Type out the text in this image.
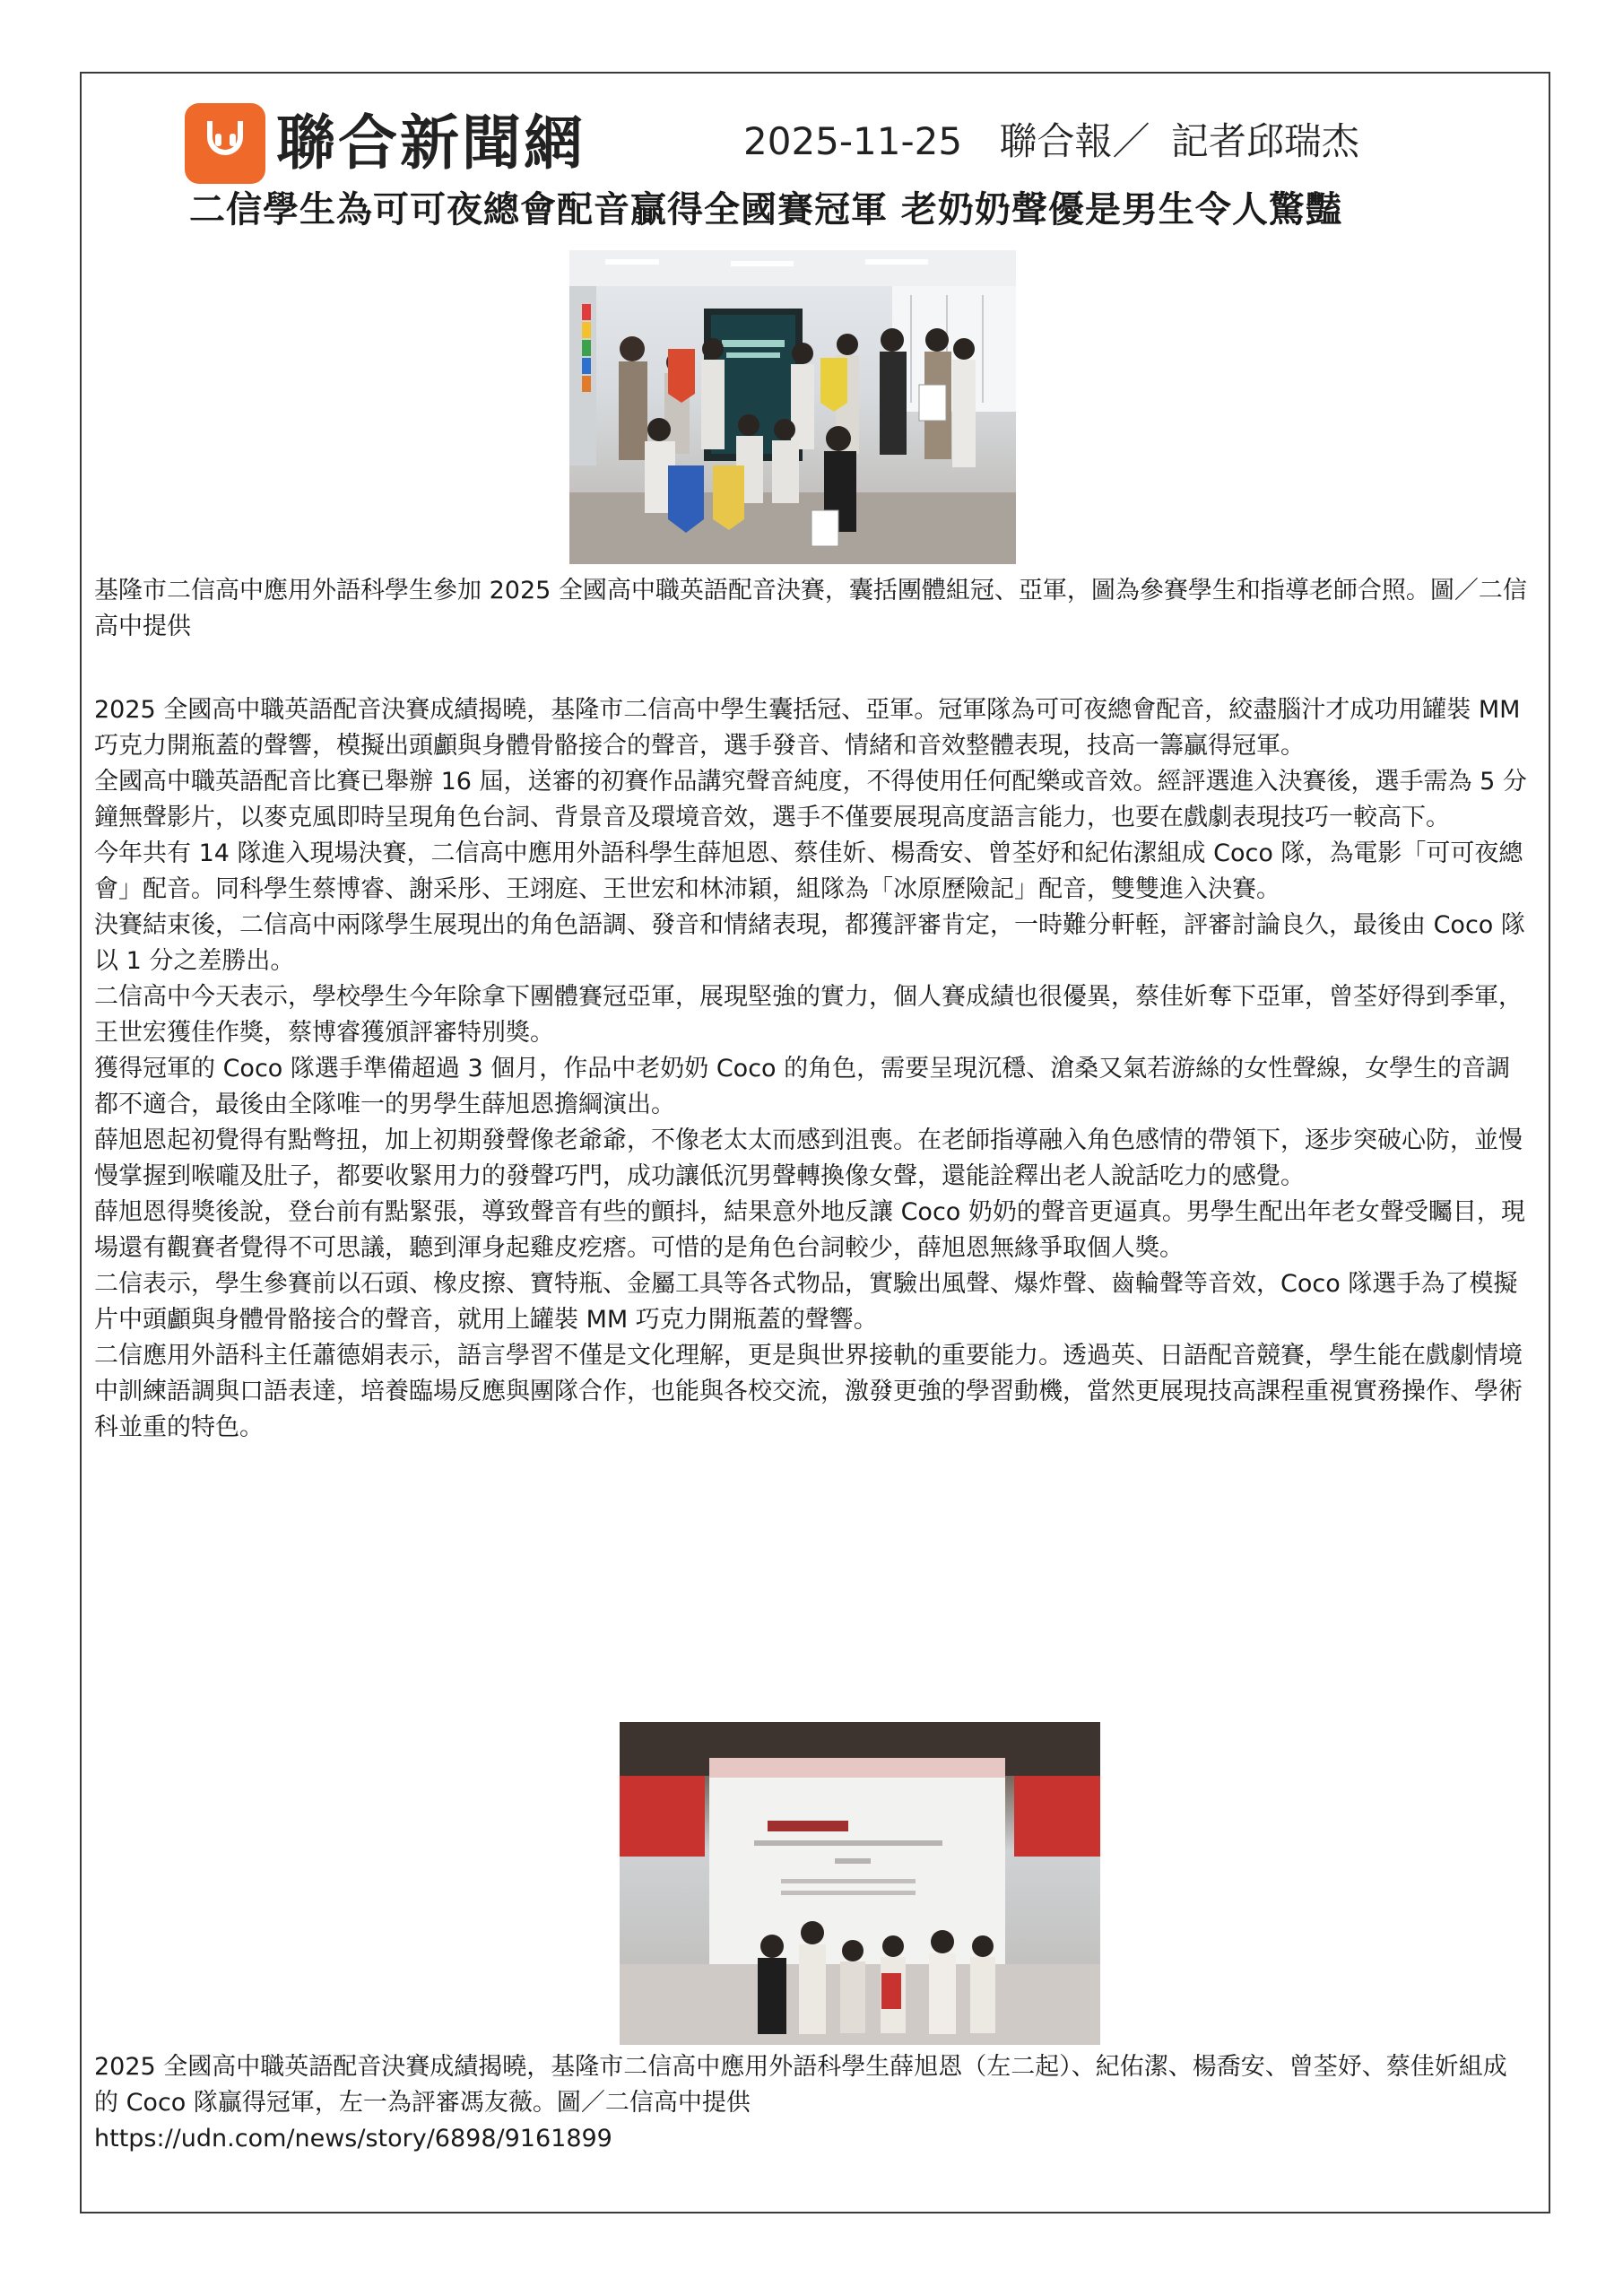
聯合新聞網	2025-11-25 聯合報／ 記者邱瑞杰
二信學生為可可夜總會配音贏得全國賽冠軍 老奶奶聲優是男生令人驚豔
基隆市二信高中應用外語科學生參加 2025 全國高中職英語配音決賽，囊括團體組冠、亞軍，圖為參賽學生和指導老師合照。圖／二信高中提供

2025 全國高中職英語配音決賽成績揭曉，基隆市二信高中學生囊括冠、亞軍。冠軍隊為可可夜總會配音，絞盡腦汁才成功用罐裝 MM 巧克力開瓶蓋的聲響，模擬出頭顱與身體骨骼接合的聲音，選手發音、情緒和音效整體表現，技高一籌贏得冠軍。

全國高中職英語配音比賽已舉辦 16 屆，送審的初賽作品講究聲音純度，不得使用任何配樂或音效。經評選進入決賽後，選手需為 5 分鐘無聲影片，以麥克風即時呈現角色台詞、背景音及環境音效，選手不僅要展現高度語言能力，也要在戲劇表現技巧一較高下。

今年共有 14 隊進入現場決賽，二信高中應用外語科學生薛旭恩、蔡佳妡、楊喬安、曾荃妤和紀佑潔組成 Coco 隊，為電影「可可夜總會」配音。同科學生蔡博睿、謝采彤、王翊庭、王世宏和林沛穎，組隊為「冰原歷險記」配音，雙雙進入決賽。

決賽結束後，二信高中兩隊學生展現出的角色語調、發音和情緒表現，都獲評審肯定，一時難分軒輊，評審討論良久，最後由 Coco 隊以 1 分之差勝出。

二信高中今天表示，學校學生今年除拿下團體賽冠亞軍，展現堅強的實力，個人賽成績也很優異，蔡佳妡奪下亞軍，曾荃妤得到季軍，王世宏獲佳作獎，蔡博睿獲頒評審特別獎。

獲得冠軍的 Coco 隊選手準備超過 3 個月，作品中老奶奶 Coco 的角色，需要呈現沉穩、滄桑又氣若游絲的女性聲線，女學生的音調都不適合，最後由全隊唯一的男學生薛旭恩擔綱演出。

薛旭恩起初覺得有點彆扭，加上初期發聲像老爺爺，不像老太太而感到沮喪。在老師指導融入角色感情的帶領下，逐步突破心防，並慢慢掌握到喉嚨及肚子，都要收緊用力的發聲巧門，成功讓低沉男聲轉換像女聲，還能詮釋出老人說話吃力的感覺。

薛旭恩得獎後說，登台前有點緊張，導致聲音有些的顫抖，結果意外地反讓 Coco 奶奶的聲音更逼真。男學生配出年老女聲受矚目，現場還有觀賽者覺得不可思議，聽到渾身起雞皮疙瘩。可惜的是角色台詞較少，薛旭恩無緣爭取個人獎。

二信表示，學生參賽前以石頭、橡皮擦、寶特瓶、金屬工具等各式物品，實驗出風聲、爆炸聲、齒輪聲等音效，Coco 隊選手為了模擬片中頭顱與身體骨骼接合的聲音，就用上罐裝 MM 巧克力開瓶蓋的聲響。

二信應用外語科主任蕭德娟表示，語言學習不僅是文化理解，更是與世界接軌的重要能力。透過英、日語配音競賽，學生能在戲劇情境中訓練語調與口語表達，培養臨場反應與團隊合作，也能與各校交流，激發更強的學習動機，當然更展現技高課程重視實務操作、學術科並重的特色。

2025 全國高中職英語配音決賽成績揭曉，基隆市二信高中應用外語科學生薛旭恩（左二起）、紀佑潔、楊喬安、曾荃妤、蔡佳妡組成的 Coco 隊贏得冠軍，左一為評審馮友薇。圖／二信高中提供
https://udn.com/news/story/6898/9161899
